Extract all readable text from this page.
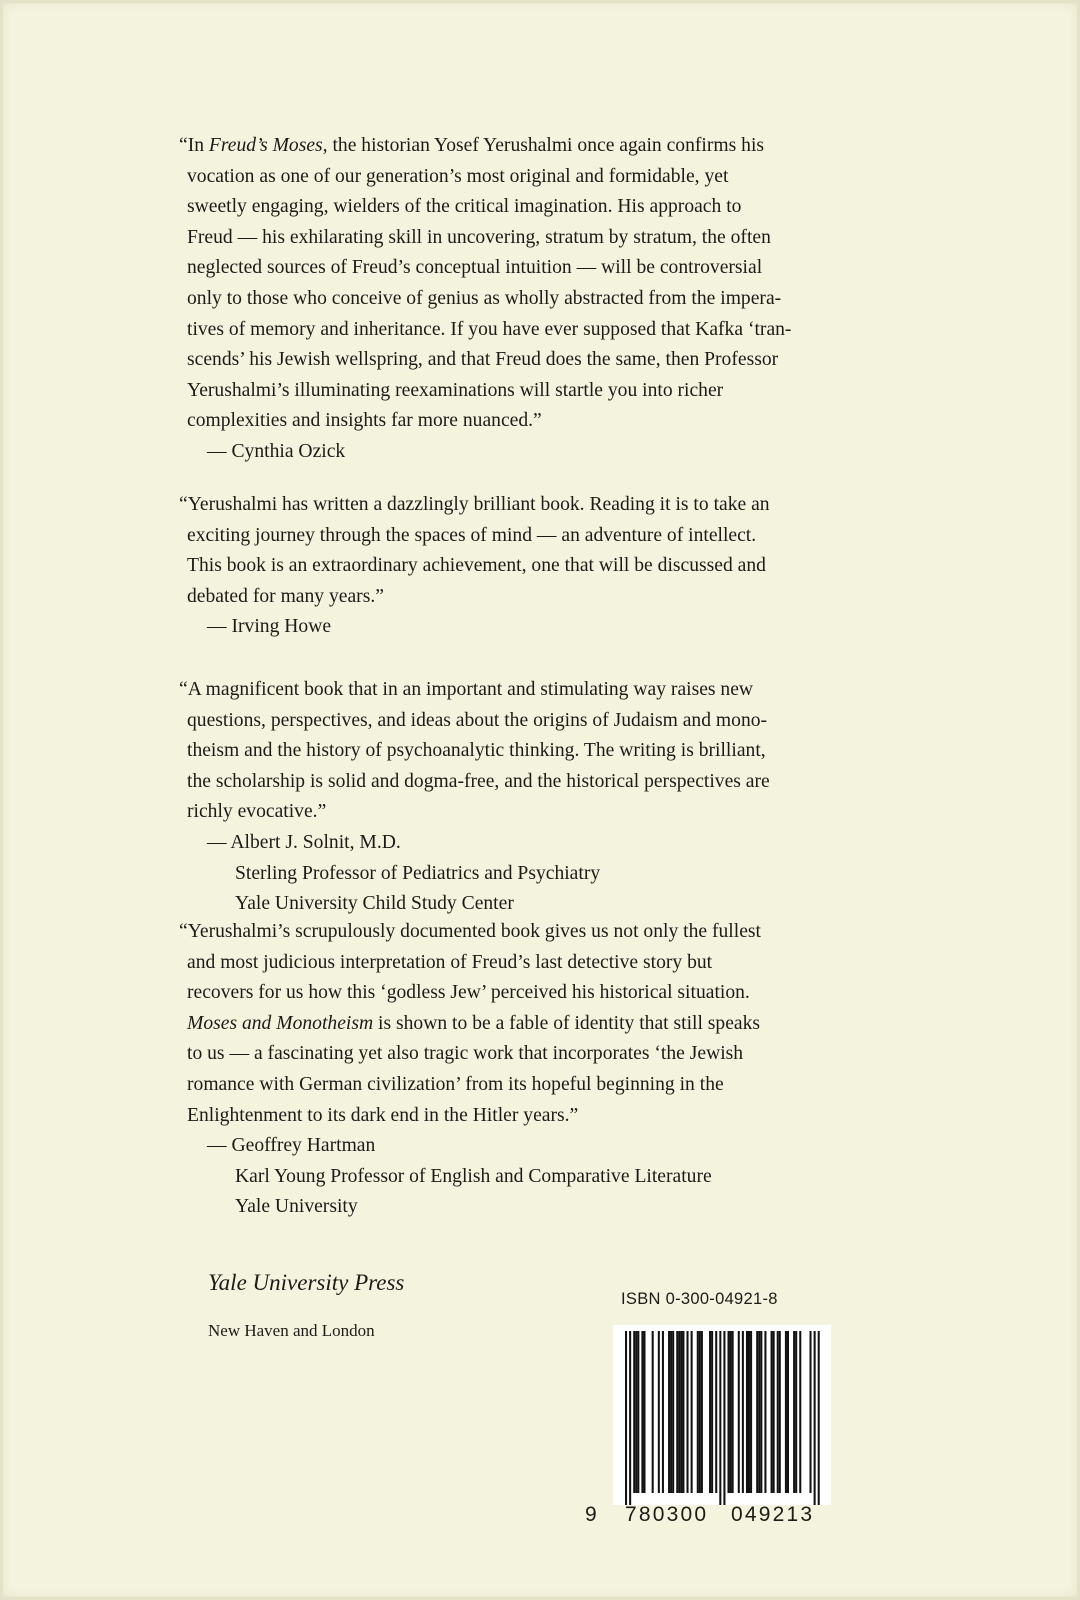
“In Freud’s Moses, the historian Yosef Yerushalmi once again confirms his

vocation as one of our generation’s most original and formidable, yet

sweetly engaging, wielders of the critical imagination. His approach to

Freud — his exhilarating skill in uncovering, stratum by stratum, the often

neglected sources of Freud’s conceptual intuition — will be controversial

only to those who conceive of genius as wholly abstracted from the impera-

tives of memory and inheritance. If you have ever supposed that Kafka ‘tran-

scends’ his Jewish wellspring, and that Freud does the same, then Professor

Yerushalmi’s illuminating reexaminations will startle you into richer

complexities and insights far more nuanced.”

— Cynthia Ozick

“Yerushalmi has written a dazzlingly brilliant book. Reading it is to take an

exciting journey through the spaces of mind — an adventure of intellect.

This book is an extraordinary achievement, one that will be discussed and

debated for many years.”

— Irving Howe

“A magnificent book that in an important and stimulating way raises new

questions, perspectives, and ideas about the origins of Judaism and mono-

theism and the history of psychoanalytic thinking. The writing is brilliant,

the scholarship is solid and dogma-free, and the historical perspectives are

richly evocative.”

— Albert J. Solnit, M.D.

Sterling Professor of Pediatrics and Psychiatry

Yale University Child Study Center

“Yerushalmi’s scrupulously documented book gives us not only the fullest

and most judicious interpretation of Freud’s last detective story but

recovers for us how this ‘godless Jew’ perceived his historical situation.

Moses and Monotheism is shown to be a fable of identity that still speaks

to us — a fascinating yet also tragic work that incorporates ‘the Jewish

romance with German civilization’ from its hopeful beginning in the

Enlightenment to its dark end in the Hitler years.”

— Geoffrey Hartman

Karl Young Professor of English and Comparative Literature

Yale University

Yale University Press
New Haven and London
ISBN 0-300-04921-8
9 780300 049213
